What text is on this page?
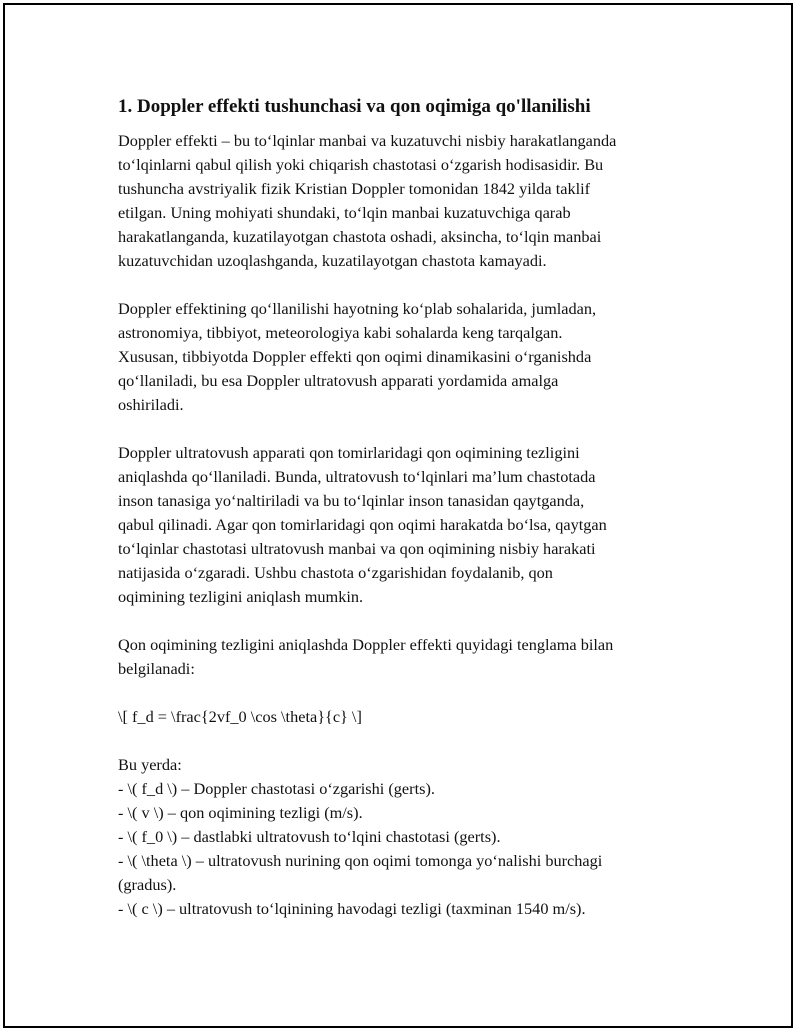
1. Doppler effekti tushunchasi va qon oqimiga qo'llanilishi
Doppler effekti – bu to‘lqinlar manbai va kuzatuvchi nisbiy harakatlanganda
to‘lqinlarni qabul qilish yoki chiqarish chastotasi o‘zgarish hodisasidir. Bu
tushuncha avstriyalik fizik Kristian Doppler tomonidan 1842 yilda taklif
etilgan. Uning mohiyati shundaki, to‘lqin manbai kuzatuvchiga qarab
harakatlanganda, kuzatilayotgan chastota oshadi, aksincha, to‘lqin manbai
kuzatuvchidan uzoqlashganda, kuzatilayotgan chastota kamayadi.
Doppler effektining qo‘llanilishi hayotning ko‘plab sohalarida, jumladan,
astronomiya, tibbiyot, meteorologiya kabi sohalarda keng tarqalgan.
Xususan, tibbiyotda Doppler effekti qon oqimi dinamikasini o‘rganishda
qo‘llaniladi, bu esa Doppler ultratovush apparati yordamida amalga
oshiriladi.
Doppler ultratovush apparati qon tomirlaridagi qon oqimining tezligini
aniqlashda qo‘llaniladi. Bunda, ultratovush to‘lqinlari ma’lum chastotada
inson tanasiga yo‘naltiriladi va bu to‘lqinlar inson tanasidan qaytganda,
qabul qilinadi. Agar qon tomirlaridagi qon oqimi harakatda bo‘lsa, qaytgan
to‘lqinlar chastotasi ultratovush manbai va qon oqimining nisbiy harakati
natijasida o‘zgaradi. Ushbu chastota o‘zgarishidan foydalanib, qon
oqimining tezligini aniqlash mumkin.
Qon oqimining tezligini aniqlashda Doppler effekti quyidagi tenglama bilan
belgilanadi:
\[ f_d = \frac{2vf_0 \cos \theta}{c} \]
Bu yerda:
- \( f_d \) – Doppler chastotasi o‘zgarishi (gerts).
- \( v \) – qon oqimining tezligi (m/s).
- \( f_0 \) – dastlabki ultratovush to‘lqini chastotasi (gerts).
- \( \theta \) – ultratovush nurining qon oqimi tomonga yo‘nalishi burchagi
(gradus).
- \( c \) – ultratovush to‘lqinining havodagi tezligi (taxminan 1540 m/s).
